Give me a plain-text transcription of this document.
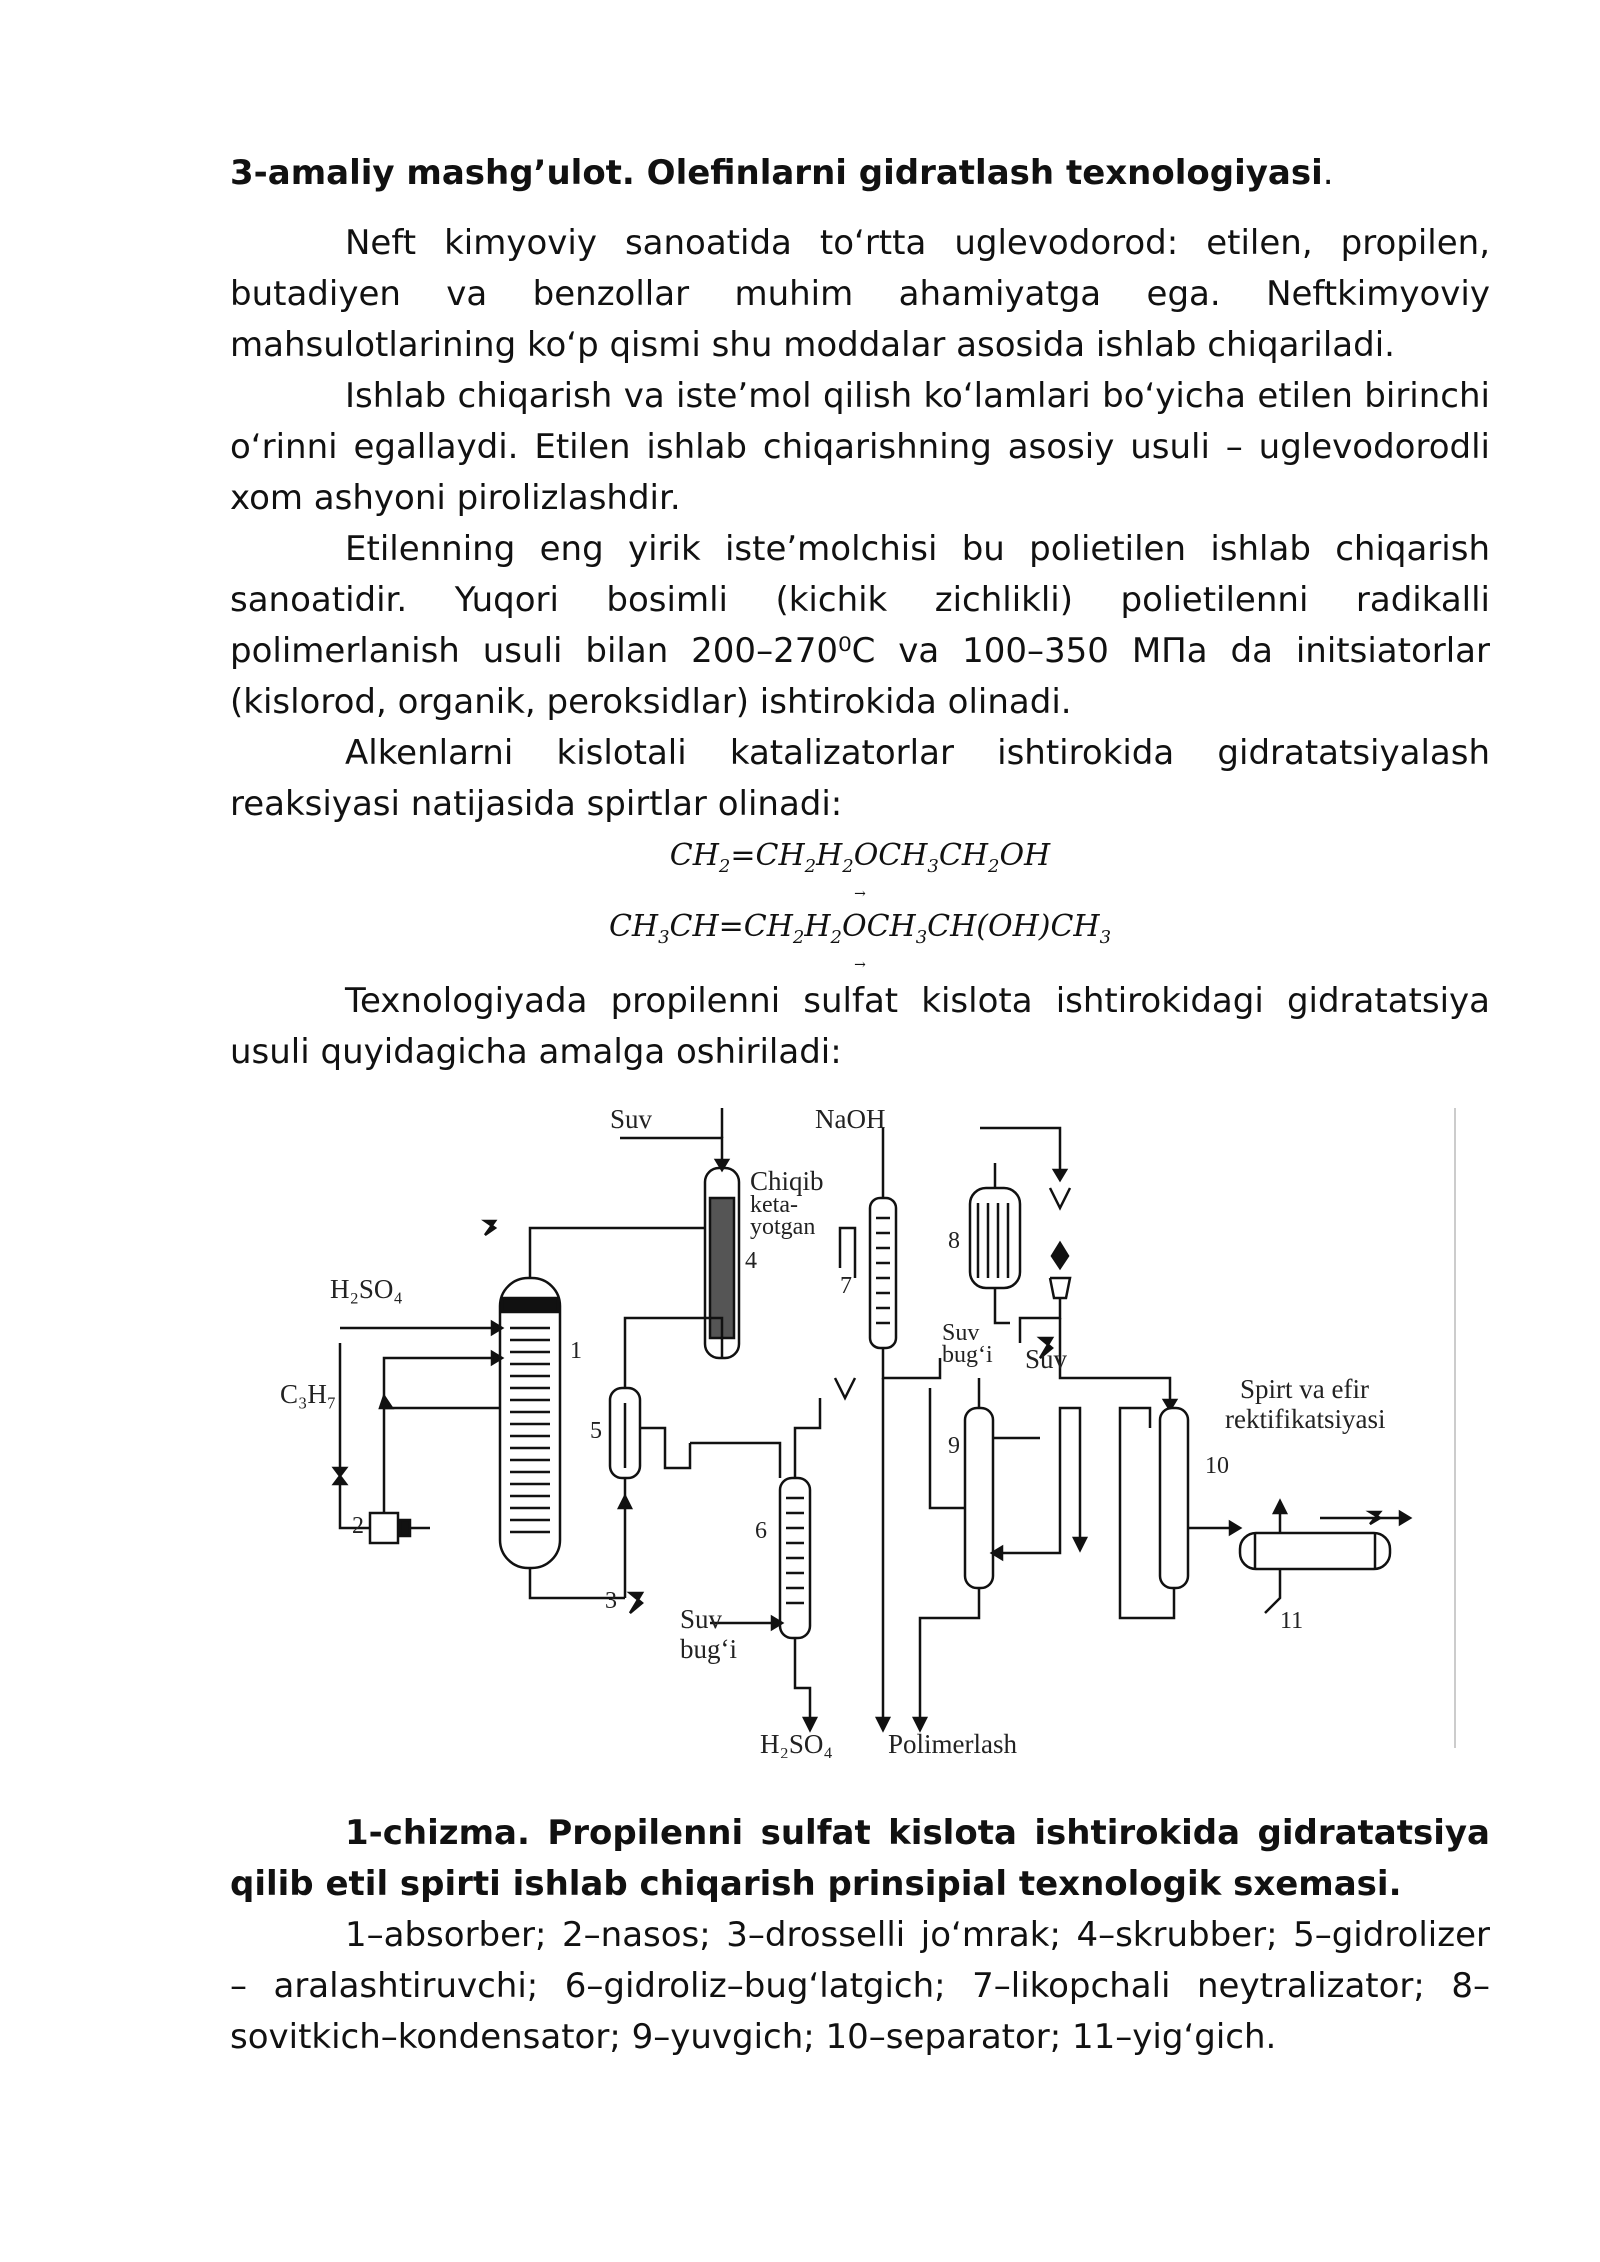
3-amaliy mashg’ulot. Olefinlarni gidratlash texnologiyasi.

Neft kimyoviy sanoatida to‘rtta uglevodorod: etilen, propilen, butadiyen va benzollar muhim ahamiyatga ega. Neftkimyoviy mahsulotlarining ko‘p qismi shu moddalar asosida ishlab chiqariladi.

Ishlab chiqarish va iste’mol qilish ko‘lamlari bo‘yicha etilen birinchi o‘rinni egallaydi. Etilen ishlab chiqarishning asosiy usuli – uglevodorodli xom ashyoni pirolizlashdir.

Etilenning eng yirik iste’molchisi bu polietilen ishlab chiqarish sanoatidir. Yuqori bosimli (kichik zichlikli) polietilenni radikalli polimerlanish usuli bilan 200–270⁰C va 100–350 МПа da initsiatorlar (kislorod, organik, peroksidlar) ishtirokida olinadi.

Alkenlarni kislotali katalizatorlar ishtirokida gidratatsiyalash reaksiyasi natijasida spirtlar olinadi:

$CH_2=CH_2H_2OCH_3CH_2OH$
→
$CH_3CH=CH_2H_2OCH_3CH(OH)CH_3$
→

Texnologiyada propilenni sulfat kislota ishtirokidagi gidratatsiya usuli quyidagicha amalga oshiriladi:

Suv	NaOH
Chiqib
keta-
yotgan
H₂SO₄
C₃H₇
1
2
3
4
5
6
7
8
9
10
11
Suv
bug‘i Suv
Suv
bug‘i
Spirt va efir
rektifikatsiyasi
H₂SO₄ Polimerlash

1-chizma. Propilenni sulfat kislota ishtirokida gidratatsiya qilib etil spirti ishlab chiqarish prinsipial texnologik sxemasi.

1–absorber; 2–nasos; 3–drosselli jo‘mrak; 4–skrubber; 5–gidrolizer – aralashtiruvchi; 6–gidroliz–bug‘latgich; 7–likopchali neytralizator; 8–sovitkich–kondensator; 9–yuvgich; 10–separator; 11–yig‘gich.
